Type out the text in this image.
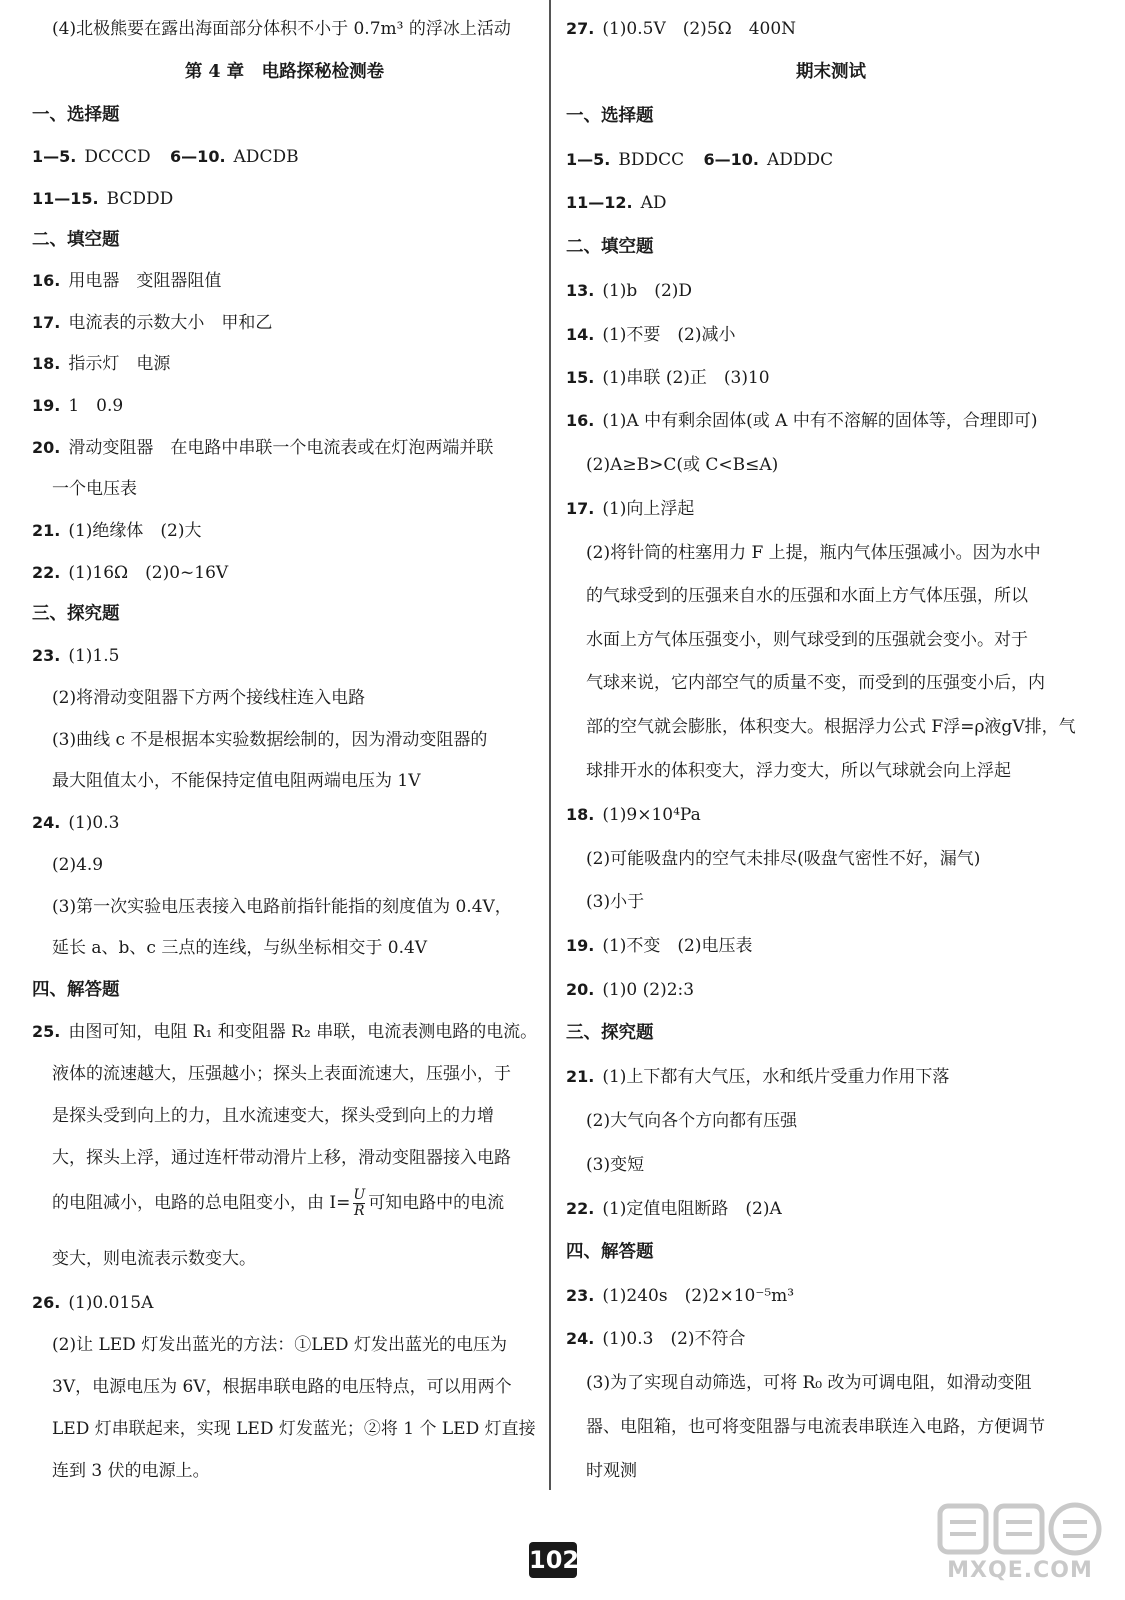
(4)北极熊要在露出海面部分体积不小于 0.7m³ 的浮冰上活动
第 4 章　电路探秘检测卷
一、选择题
1—5. DCCCD 6—10. ADCDB
11—15. BCDDD
二、填空题
16. 用电器　变阻器阻值
17. 电流表的示数大小　甲和乙
18. 指示灯　电源
19. 1　0.9
20. 滑动变阻器　在电路中串联一个电流表或在灯泡两端并联
一个电压表
21. (1)绝缘体　(2)大
22. (1)16Ω　(2)0~16V
三、探究题
23. (1)1.5
(2)将滑动变阻器下方两个接线柱连入电路
(3)曲线 c 不是根据本实验数据绘制的，因为滑动变阻器的
最大阻值太小，不能保持定值电阻两端电压为 1V
24. (1)0.3
(2)4.9
(3)第一次实验电压表接入电路前指针能指的刻度值为 0.4V，
延长 a、b、c 三点的连线，与纵坐标相交于 0.4V
四、解答题
25. 由图可知，电阻 R₁ 和变阻器 R₂ 串联，电流表测电路的电流。
液体的流速越大，压强越小；探头上表面流速大，压强小，于
是探头受到向上的力，且水流速变大，探头受到向上的力增
大，探头上浮，通过连杆带动滑片上移，滑动变阻器接入电路
的电阻减小，电路的总电阻变小，由 $I= \frac{U}{R}$ 可知电路中的电流
变大，则电流表示数变大。
26. (1)0.015A
(2)让 LED 灯发出蓝光的方法：①LED 灯发出蓝光的电压为
3V，电源电压为 6V，根据串联电路的电压特点，可以用两个
LED 灯串联起来，实现 LED 灯发蓝光；②将 1 个 LED 灯直接
连到 3 伏的电源上。
27. (1)0.5V　(2)5Ω　400N
期末测试
一、选择题
1—5. BDDCC 6—10. ADDDC
11—12. AD
二、填空题
13. (1)b　(2)D
14. (1)不要　(2)减小
15. (1)串联 (2)正　(3)10
16. (1)A 中有剩余固体(或 A 中有不溶解的固体等，合理即可)
(2)A≥B>C(或 C<B≤A)
17. (1)向上浮起
(2)将针筒的柱塞用力 F 上提，瓶内气体压强减小。因为水中
的气球受到的压强来自水的压强和水面上方气体压强，所以
水面上方气体压强变小，则气球受到的压强就会变小。对于
气球来说，它内部空气的质量不变，而受到的压强变小后，内
部的空气就会膨胀，体积变大。根据浮力公式 F浮=ρ液gV排，气
球排开水的体积变大，浮力变大，所以气球就会向上浮起
18. (1)9×10⁴Pa
(2)可能吸盘内的空气未排尽(吸盘气密性不好，漏气)
(3)小于
19. (1)不变　(2)电压表
20. (1)0 (2)2:3
三、探究题
21. (1)上下都有大气压，水和纸片受重力作用下落
(2)大气向各个方向都有压强
(3)变短
22. (1)定值电阻断路　(2)A
四、解答题
23. (1)240s　(2)2×10⁻⁵m³
24. (1)0.3　(2)不符合
(3)为了实现自动筛选，可将 R₀ 改为可调电阻，如滑动变阻
器、电阻箱，也可将变阻器与电流表串联连入电路，方便调节
时观测
102	MXQE.COM
